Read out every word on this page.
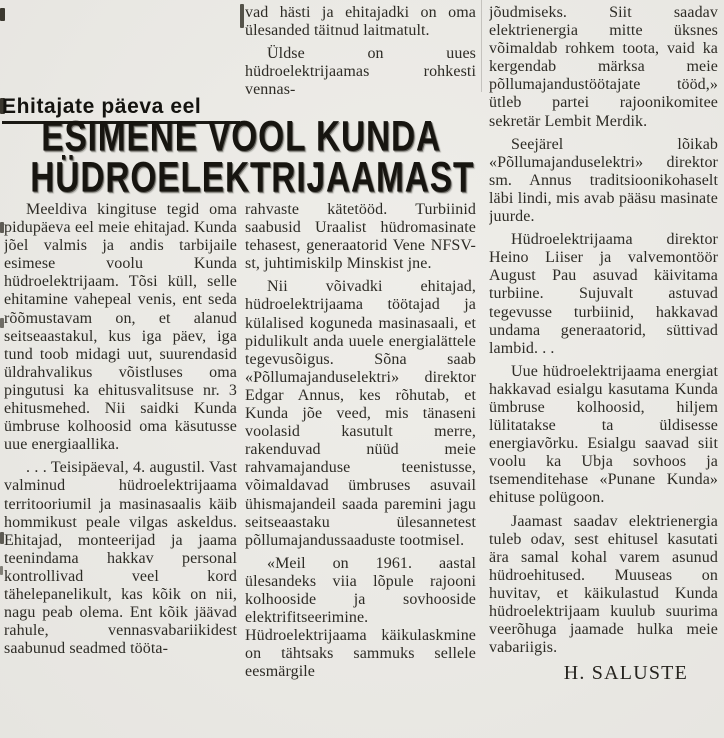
vad hästi ja ehitajadki on oma ülesanded täitnud laitmatult.

Üldse on uues hüdroelektrijaamas rohkesti vennas-

Ehitajate päeva eel
ESIMENE VOOL KUNDA
HÜDROELEKTRIJAAMAST

Meeldiva kingituse tegid oma pidupäeva eel meie ehitajad. Kunda jõel valmis ja andis tarbijaile esimese voolu Kunda hüdroelektrijaam. Tõsi küll, selle ehitamine vahepeal venis, ent seda rõõmustavam on, et alanud seitseaastakul, kus iga päev, iga tund toob midagi uut, suurendasid üldrahvalikus võistluses oma pingutusi ka ehitusvalitsuse nr. 3 ehitusmehed. Nii saidki Kunda ümbruse kolhoosid oma käsutusse uue energiaallika.

. . . Teisipäeval, 4. augustil. Vast valminud hüdroelektrijaama territooriumil ja masinasaalis käib hommikust peale vilgas askeldus. Ehitajad, monteerijad ja jaama teenindama hakkav personal kontrollivad veel kord tähelepanelikult, kas kõik on nii, nagu peab olema. Ent kõik jäävad rahule, vennasvabariikidest saabunud seadmed tööta-

rahvaste kätetööd. Turbiinid saabusid Uraalist hüdromasinate tehasest, generaatorid Vene NFSV-st, juhtimiskilp Minskist jne.

Nii võivadki ehitajad, hüdroelektrijaama töötajad ja külalised koguneda masinasaali, et pidulikult anda uuele energialättele tegevusõigus. Sõna saab «Põllumajanduselektri» direktor Edgar Annus, kes rõhutab, et Kunda jõe veed, mis tänaseni voolasid kasutult merre, rakenduvad nüüd meie rahvamajanduse teenistusse, võimaldavad ümbruses asuvail ühismajandeil saada paremini jagu seitseaastaku ülesannetest põllumajandussaaduste tootmisel.

«Meil on 1961. aastal ülesandeks viia lõpule rajooni kolhooside ja sovhooside elektrifitseerimine. Hüdroelektrijaama käikulaskmine on tähtsaks sammuks sellele eesmärgile

jõudmiseks. Siit saadav elektrienergia mitte üksnes võimaldab rohkem toota, vaid ka kergendab märksa meie põllumajandustöötajate tööd,» ütleb partei rajoonikomitee sekretär Lembit Merdik.

Seejärel lõikab «Põllumajanduselektri» direktor sm. Annus traditsioonikohaselt läbi lindi, mis avab pääsu masinate juurde.

Hüdroelektrijaama direktor Heino Liiser ja valvemontöör August Pau asuvad käivitama turbiine. Sujuvalt astuvad tegevusse turbiinid, hakkavad undama generaatorid, süttivad lambid. . .

Uue hüdroelektrijaama energiat hakkavad esialgu kasutama Kunda ümbruse kolhoosid, hiljem lülitatakse ta üldisesse energiavõrku. Esialgu saavad siit voolu ka Ubja sovhoos ja tsemenditehase «Punane Kunda» ehituse polügoon.

Jaamast saadav elektrienergia tuleb odav, sest ehitusel kasutati ära samal kohal varem asunud hüdroehitused. Muuseas on huvitav, et käikulastud Kunda hüdroelektrijaam kuulub suurima veerõhuga jaamade hulka meie vabariigis.

H. SALUSTE
